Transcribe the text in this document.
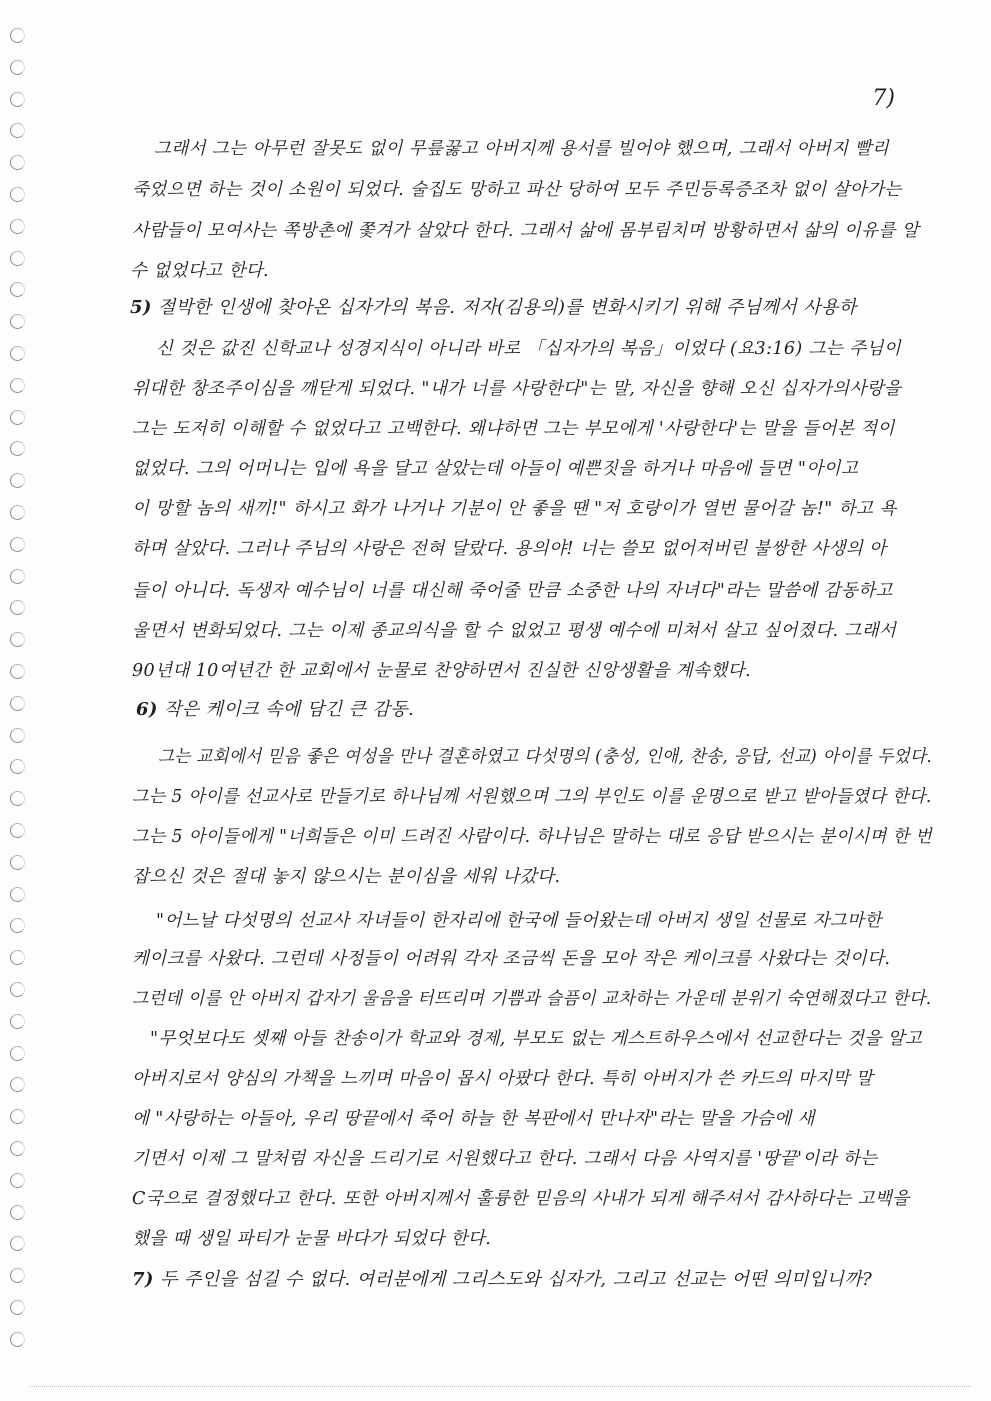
7)
그래서 그는 아무런 잘못도 없이 무릎꿇고 아버지께 용서를 빌어야 했으며, 그래서 아버지 빨리
죽었으면 하는 것이 소원이 되었다. 술집도 망하고 파산 당하여 모두 주민등록증조차 없이 살아가는
사람들이 모여사는 쪽방촌에 쫓겨가 살았다 한다. 그래서 삶에 몸부림치며 방황하면서 삶의 이유를 알
수 없었다고 한다.
5) 절박한 인생에 찾아온 십자가의 복음. 저자(김용의)를 변화시키기 위해 주님께서 사용하
신 것은 값진 신학교나 성경지식이 아니라 바로 「십자가의 복음」이었다 (요3:16) 그는 주님이
위대한 창조주이심을 깨닫게 되었다. "내가 너를 사랑한다"는 말, 자신을 향해 오신 십자가의사랑을
그는 도저히 이해할 수 없었다고 고백한다. 왜냐하면 그는 부모에게 '사랑한다'는 말을 들어본 적이
없었다. 그의 어머니는 입에 욕을 달고 살았는데 아들이 예쁜짓을 하거나 마음에 들면 "아이고
이 망할 놈의 새끼!" 하시고 화가 나거나 기분이 안 좋을 땐 "저 호랑이가 열번 물어갈 놈!" 하고 욕
하며 살았다. 그러나 주님의 사랑은 전혀 달랐다. 용의야! 너는 쓸모 없어져버린 불쌍한 사생의 아
들이 아니다. 독생자 예수님이 너를 대신해 죽어줄 만큼 소중한 나의 자녀다"라는 말씀에 감동하고
울면서 변화되었다. 그는 이제 종교의식을 할 수 없었고 평생 예수에 미쳐서 살고 싶어졌다. 그래서
90년대 10여년간 한 교회에서 눈물로 찬양하면서 진실한 신앙생활을 계속했다.
6) 작은 케이크 속에 담긴 큰 감동.
그는 교회에서 믿음 좋은 여성을 만나 결혼하였고 다섯명의 (충성, 인애, 찬송, 응답, 선교) 아이를 두었다.
그는 5 아이를 선교사로 만들기로 하나님께 서원했으며 그의 부인도 이를 운명으로 받고 받아들였다 한다.
그는 5 아이들에게 "너희들은 이미 드려진 사람이다. 하나님은 말하는 대로 응답 받으시는 분이시며 한 번
잡으신 것은 절대 놓지 않으시는 분이심을 세워 나갔다.
"어느날 다섯명의 선교사 자녀들이 한자리에 한국에 들어왔는데 아버지 생일 선물로 자그마한
케이크를 사왔다. 그런데 사정들이 어려워 각자 조금씩 돈을 모아 작은 케이크를 사왔다는 것이다.
그런데 이를 안 아버지 갑자기 울음을 터뜨리며 기쁨과 슬픔이 교차하는 가운데 분위기 숙연해졌다고 한다.
"무엇보다도 셋째 아들 찬송이가 학교와 경제, 부모도 없는 게스트하우스에서 선교한다는 것을 알고
아버지로서 양심의 가책을 느끼며 마음이 몹시 아팠다 한다. 특히 아버지가 쓴 카드의 마지막 말
에 "사랑하는 아들아, 우리 땅끝에서 죽어 하늘 한 복판에서 만나자"라는 말을 가슴에 새
기면서 이제 그 말처럼 자신을 드리기로 서원했다고 한다. 그래서 다음 사역지를 '땅끝'이라 하는
C국으로 결정했다고 한다. 또한 아버지께서 훌륭한 믿음의 사내가 되게 해주셔서 감사하다는 고백을
했을 때 생일 파티가 눈물 바다가 되었다 한다.
7) 두 주인을 섬길 수 없다. 여러분에게 그리스도와 십자가, 그리고 선교는 어떤 의미입니까?
